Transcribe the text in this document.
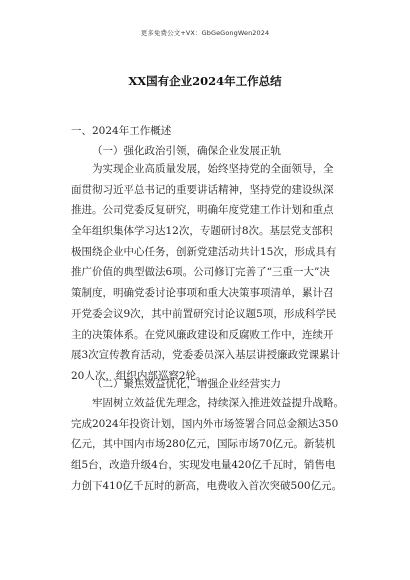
更多免费公文+VX：GbGeGongWen2024
XX国有企业2024年工作总结
一、2024年工作概述
（一）强化政治引领，确保企业发展正轨
为实现企业高质量发展，始终坚持党的全面领导，全
面贯彻习近平总书记的重要讲话精神，坚持党的建设纵深
推进。公司党委反复研究，明确年度党建工作计划和重点
全年组织集体学习达12次，专题研讨8次。基层党支部积
极围绕企业中心任务，创新党建活动共计15次，形成具有
推广价值的典型做法6项。公司修订完善了“三重一大”决
策制度，明确党委讨论事项和重大决策事项清单，累计召
开党委会议9次，其中前置研究讨论议题5项，形成科学民
主的决策体系。在党风廉政建设和反腐败工作中，连续开
展3次宣传教育活动，党委委员深入基层讲授廉政党课累计
20人次，组织内部巡察2轮。
（二）聚焦效益优化，增强企业经营实力
牢固树立效益优先理念，持续深入推进效益提升战略。
完成2024年投资计划，国内外市场签署合同总金额达350
亿元，其中国内市场280亿元，国际市场70亿元。新装机
组5台，改造升级4台，实现发电量420亿千瓦时，销售电
力创下410亿千瓦时的新高，电费收入首次突破500亿元。
